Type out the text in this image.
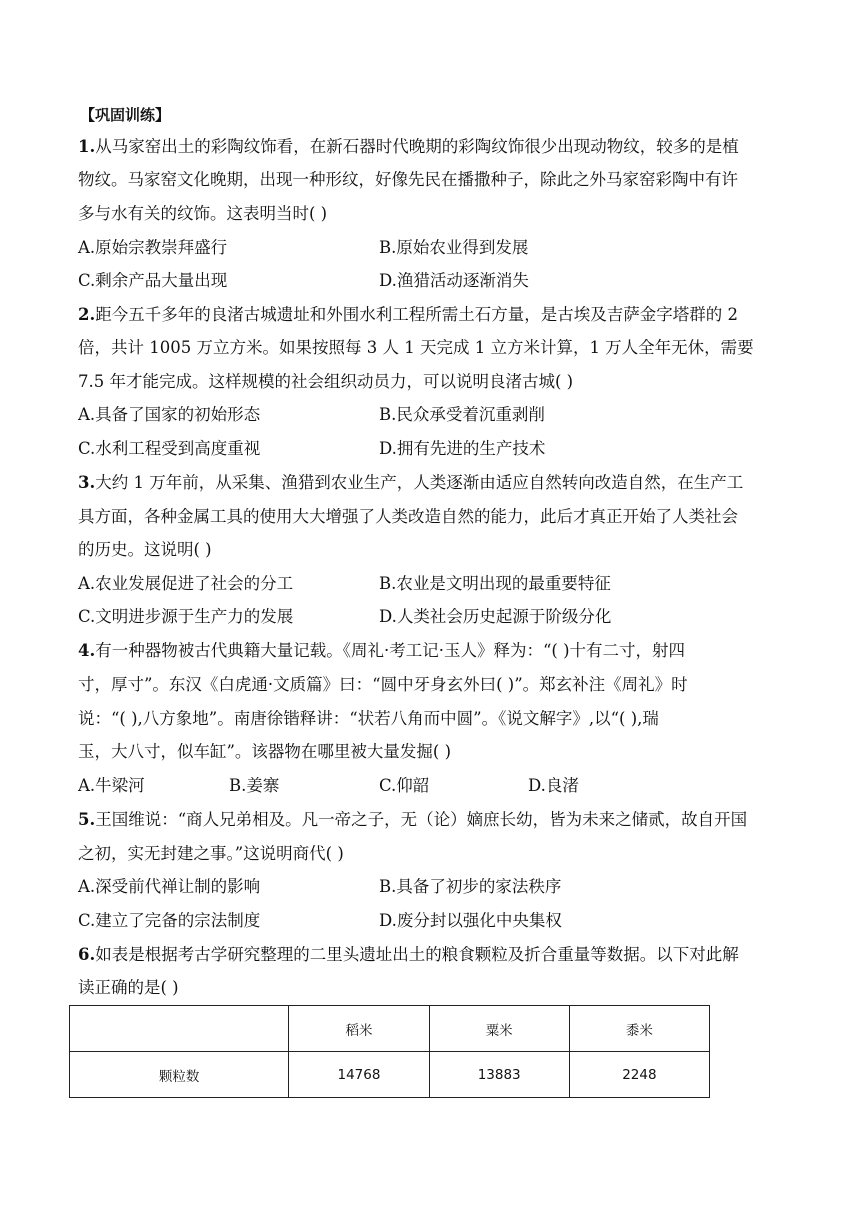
【巩固训练】
1.从马家窑出土的彩陶纹饰看，在新石器时代晚期的彩陶纹饰很少出现动物纹，较多的是植
物纹。马家窑文化晚期，出现一种形纹，好像先民在播撒种子，除此之外马家窑彩陶中有许
多与水有关的纹饰。这表明当时( )
A.原始宗教崇拜盛行	B.原始农业得到发展
C.剩余产品大量出现	D.渔猎活动逐渐消失
2.距今五千多年的良渚古城遗址和外围水利工程所需土石方量，是古埃及吉萨金字塔群的 2
倍，共计 1005 万立方米。如果按照每 3 人 1 天完成 1 立方米计算，1 万人全年无休，需要
7.5 年才能完成。这样规模的社会组织动员力，可以说明良渚古城( )
A.具备了国家的初始形态	B.民众承受着沉重剥削
C.水利工程受到高度重视	D.拥有先进的生产技术
3.大约 1 万年前，从采集、渔猎到农业生产，人类逐渐由适应自然转向改造自然，在生产工
具方面，各种金属工具的使用大大增强了人类改造自然的能力，此后才真正开始了人类社会
的历史。这说明( )
A.农业发展促进了社会的分工	B.农业是文明出现的最重要特征
C.文明进步源于生产力的发展	D.人类社会历史起源于阶级分化
4.有一种器物被古代典籍大量记载。《周礼·考工记·玉人》释为：“( )十有二寸，射四
寸，厚寸”。东汉《白虎通·文质篇》曰：“圆中牙身玄外曰( )”。郑玄补注《周礼》时
说：“( ),八方象地”。南唐徐锴释讲：“状若八角而中圆”。《说文解字》,以“( ),瑞
玉，大八寸，似车缸”。该器物在哪里被大量发掘( )
A.牛梁河	B.姜寨	C.仰韶	D.良渚
5.王国维说：“商人兄弟相及。凡一帝之子，无（论）嫡庶长幼，皆为未来之储贰，故自开国
之初，实无封建之事。”这说明商代( )
A.深受前代禅让制的影响	B.具备了初步的家法秩序
C.建立了完备的宗法制度	D.废分封以强化中央集权
6.如表是根据考古学研究整理的二里头遗址出土的粮食颗粒及折合重量等数据。以下对此解
读正确的是( )
	稻米	粟米	黍米
颗粒数	14768	13883	2248
